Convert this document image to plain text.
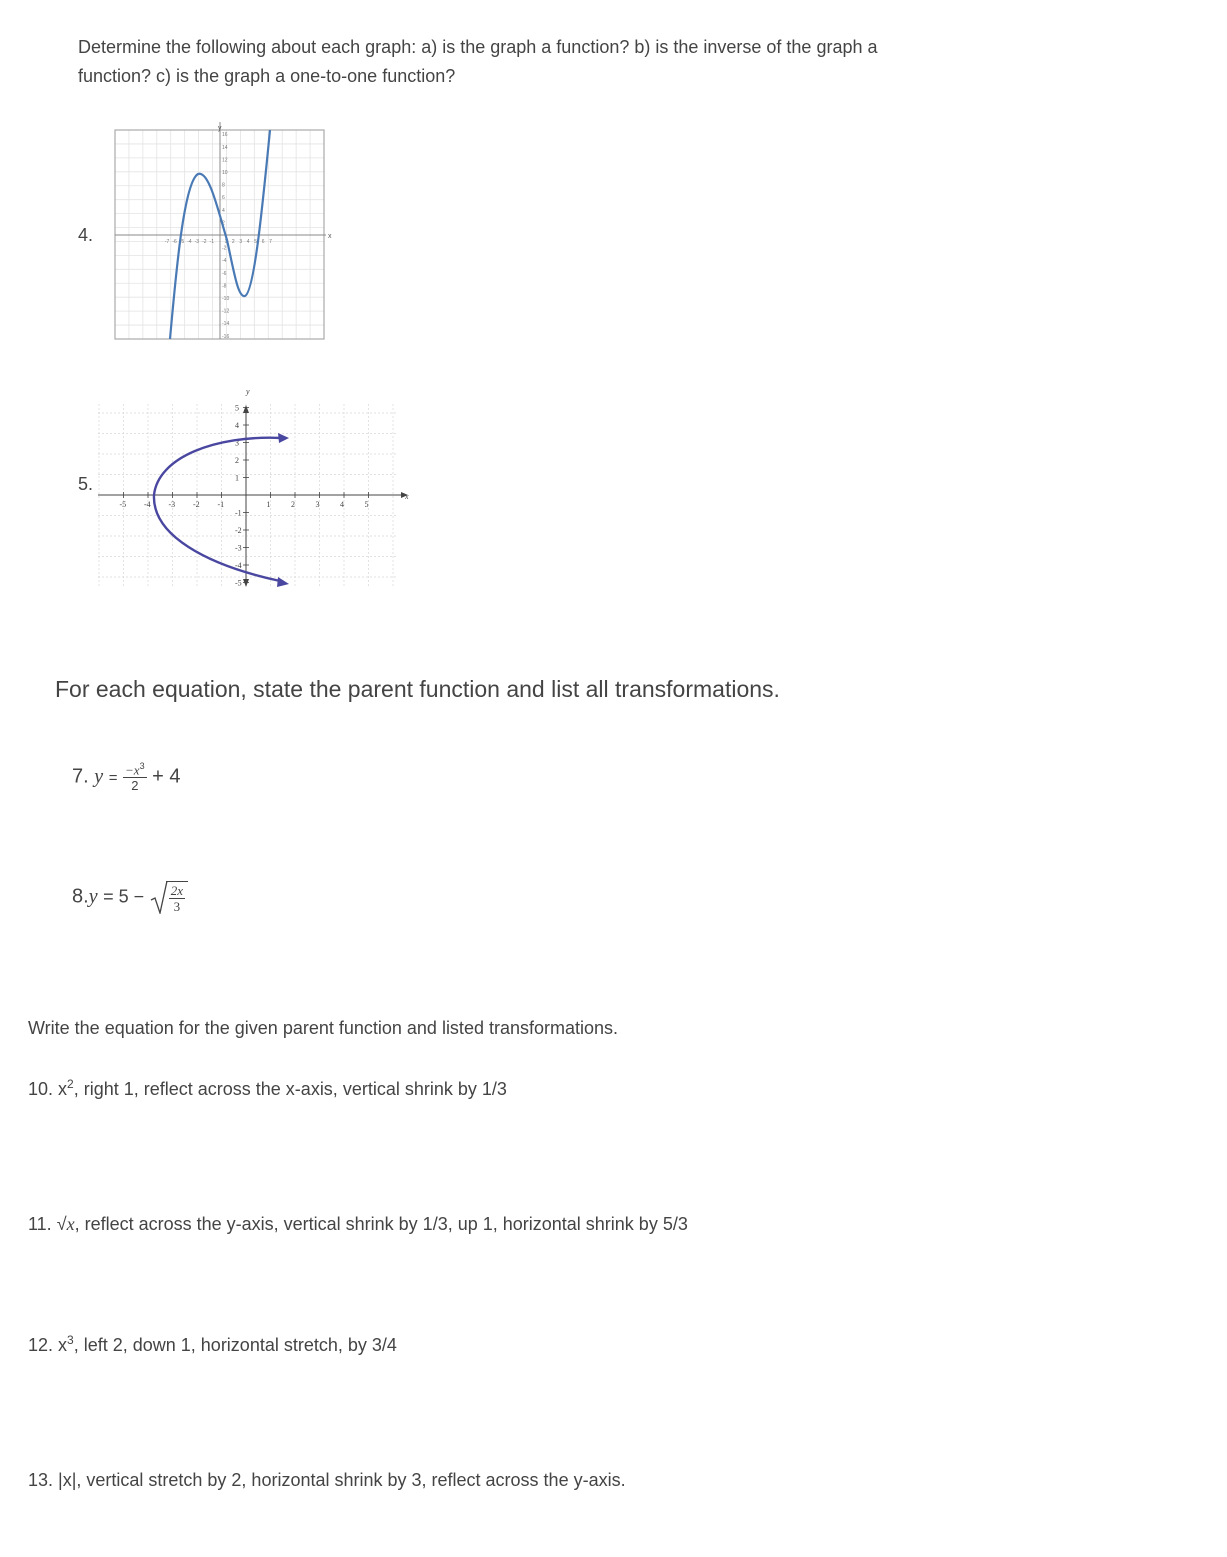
Determine the following about each graph: a) is the graph a function? b) is the inverse of the graph a function? c) is the graph a one-to-one function?
4.
y
x
-7 -6 -5 -4 -3 -2 -1 1 2 3 4 5 6 7
16
14
12
10
8
6
4
2
-2
-4
-6
-8
-10
-12
-14
-16
5.
y
x
-5 -4 -3 -2 -1	1	2	3	4	5
5
4
3
2
1
-1
-2
-3
-4
-5
For each equation, state the parent function and list all transformations.
7. $y = \frac{-x^3}{2} + 4$
$8.y = 5 - \frac{2x}{3}$
Write the equation for the given parent function and listed transformations.
10. $x^2$, right 1, reflect across the x-axis, vertical shrink by 1/3
11. √x, reflect across the y-axis, vertical shrink by 1/3, up 1, horizontal shrink by 5/3
12. $x^3$, left 2, down 1, horizontal stretch, by 3/4
13. |x|, vertical stretch by 2, horizontal shrink by 3, reflect across the y-axis.
